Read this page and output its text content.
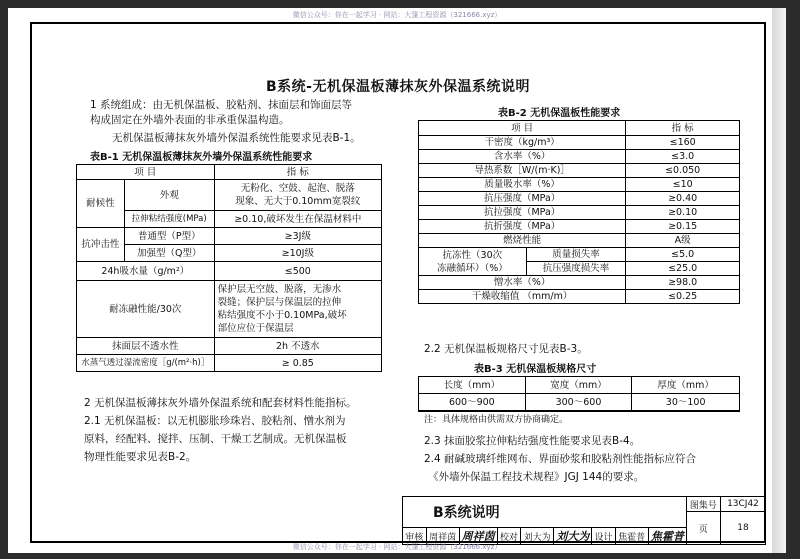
微信公众号：你在一起学习 · 网站：大篷工程资源（321666.xyz）
B系统-无机保温板薄抹灰外保温系统说明
1 系统组成：由无机保温板、胶粘剂、抹面层和饰面层等
构成固定在外墙外表面的非承重保温构造。
无机保温板薄抹灰外墙外保温系统性能要求见表B-1。
表B-1 无机保温板薄抹灰外墙外保温系统性能要求
项 目		指 标
耐候性	外观	无粉化、空鼓、起泡、脱落
现象、无大于0.10mm宽裂纹

	拉伸粘结强度(MPa)	≥0.10,破坏发生在保温材料中
抗冲击性	普通型（P型）	≥3J级
	加强型（Q型）	≥10J级
24h吸水量（g/m²）		≤500
耐冻融性能/30次		保护层无空鼓、脱落，无渗水
裂缝；保护层与保温层的拉伸
粘结强度不小于0.10MPa,破坏
部位应位于保温层

抹面层不透水性		2h 不透水
水蒸气透过湿流密度［g/(m²·h)］		≥ 0.85
2 无机保温板薄抹灰外墙外保温系统和配套材料性能指标。
2.1 无机保温板：以无机膨胀珍珠岩、胶粘剂、憎水剂为
原料，经配料、搅拌、压制、干燥工艺制成。无机保温板
物理性能要求见表B-2。
表B-2 无机保温板性能要求
项 目		指 标
干密度（kg/m³）		≤160
含水率（%）		≤3.0
导热系数［W/(m·K)］		≤0.050
质量吸水率（%）		≤10
抗压强度（MPa）		≥0.40
抗拉强度（MPa）		≥0.10
抗折强度（MPa）		≥0.15
燃烧性能		A级

抗冻性（30次
冻融循环）（%）	质量损失率	≤5.0
	抗压强度损失率	≤25.0
憎水率（%）		≥98.0
干燥收缩值 （mm/m）		≤0.25
2.2 无机保温板规格尺寸见表B-3。
表B-3 无机保温板规格尺寸
长度（mm）	宽度（mm）	厚度（mm）
600～900	300～600	30～100
注：具体规格由供需双方协商确定。
2.3 抹面胶浆拉伸粘结强度性能要求见表B-4。
2.4 耐碱玻璃纤维网布、界面砂浆和胶粘剂性能指标应符合
《外墙外保温工程技术规程》JGJ 144的要求。
B系统说明									图集号	13CJ42
									页	18
审核	周祥茵	周祥茵	校对	刘大为	刘大为	设计	焦霍普	焦霍普		
微信公众号：你在一起学习 · 网站：大篷工程资源（321666.xyz）
